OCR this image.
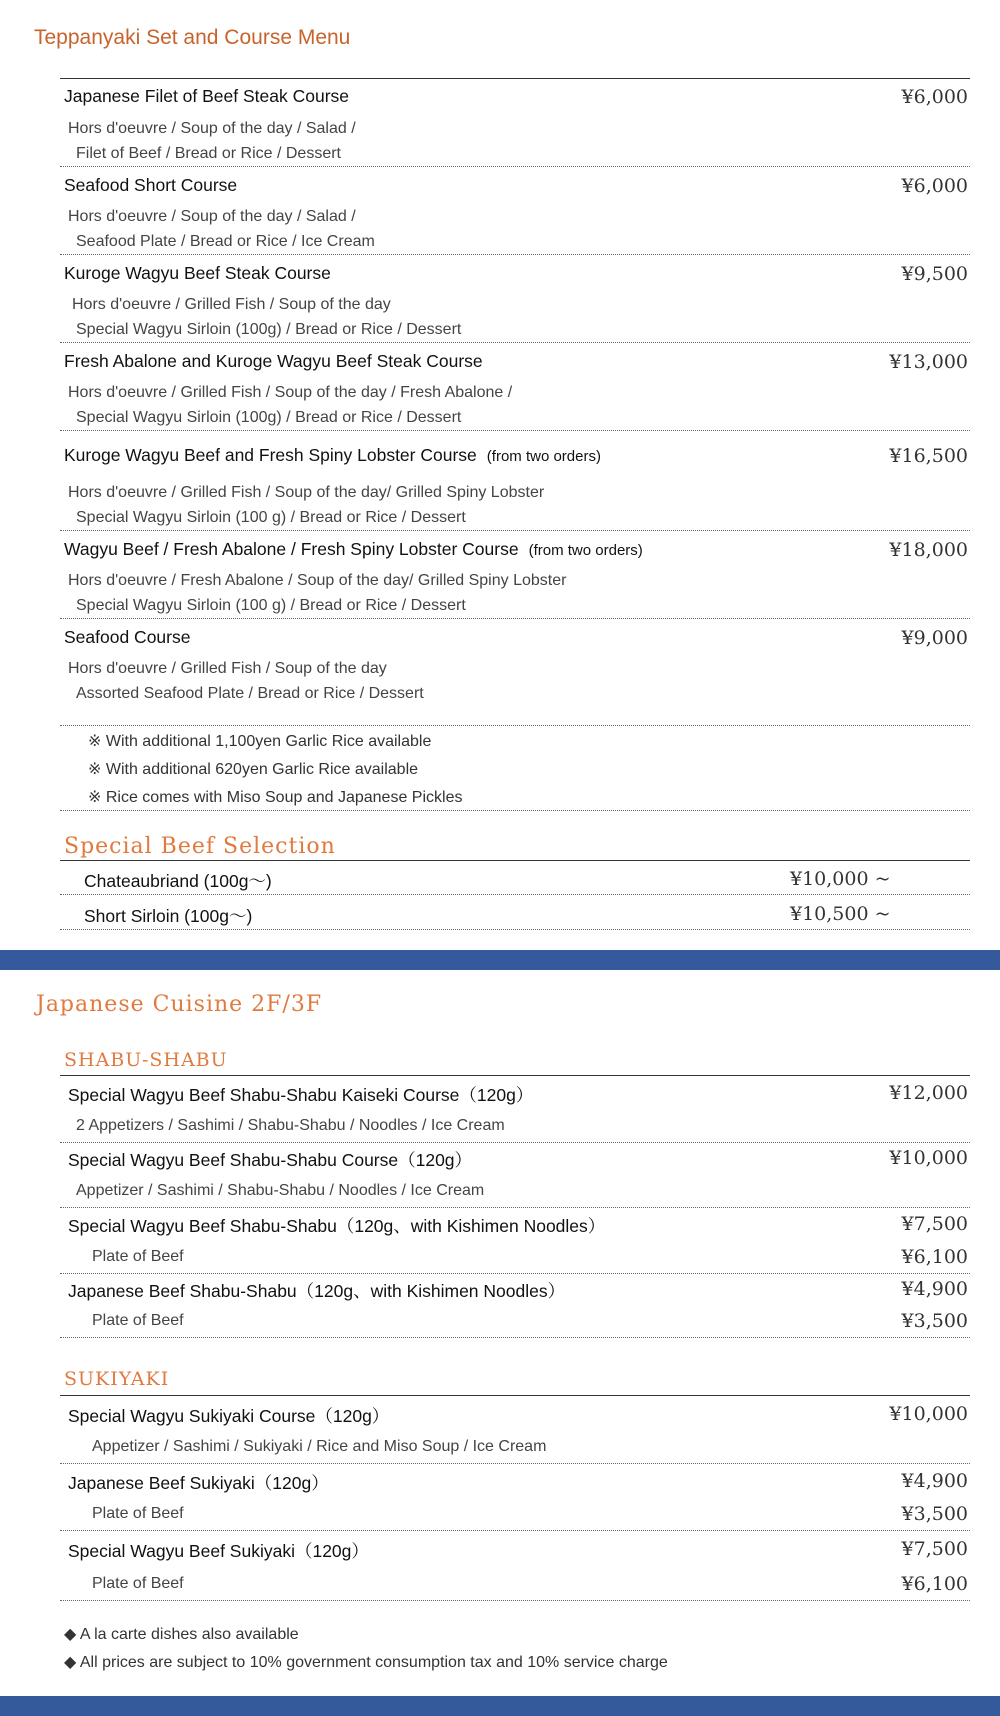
Teppanyaki Set and Course Menu
Japanese Filet of Beef Steak Course	¥6,000
Hors d'oeuvre / Soup of the day / Salad /
Filet of Beef / Bread or Rice / Dessert
Seafood Short Course	¥6,000
Hors d'oeuvre / Soup of the day / Salad /
Seafood Plate / Bread or Rice / Ice Cream
Kuroge Wagyu Beef Steak Course	¥9,500
Hors d'oeuvre / Grilled Fish / Soup of the day
Special Wagyu Sirloin (100g) / Bread or Rice / Dessert
Fresh Abalone and Kuroge Wagyu Beef Steak Course	¥13,000
Hors d'oeuvre / Grilled Fish / Soup of the day / Fresh Abalone /
Special Wagyu Sirloin (100g) / Bread or Rice / Dessert
Kuroge Wagyu Beef and Fresh Spiny Lobster Course (from two orders)	¥16,500
Hors d'oeuvre / Grilled Fish / Soup of the day/ Grilled Spiny Lobster
Special Wagyu Sirloin (100 g) / Bread or Rice / Dessert
Wagyu Beef / Fresh Abalone / Fresh Spiny Lobster Course (from two orders)	¥18,000
Hors d'oeuvre / Fresh Abalone / Soup of the day/ Grilled Spiny Lobster
Special Wagyu Sirloin (100 g) / Bread or Rice / Dessert
Seafood Course	¥9,000
Hors d'oeuvre / Grilled Fish / Soup of the day
Assorted Seafood Plate / Bread or Rice / Dessert
※ With additional 1,100yen Garlic Rice available
※ With additional 620yen Garlic Rice available
※ Rice comes with Miso Soup and Japanese Pickles
Special Beef Selection
Chateaubriand (100g〜)	¥10,000 ~
Short Sirloin (100g〜)	¥10,500 ~
Japanese Cuisine 2F/3F
SHABU-SHABU
Special Wagyu Beef Shabu-Shabu Kaiseki Course（120g）	¥12,000
2 Appetizers / Sashimi / Shabu-Shabu / Noodles / Ice Cream
Special Wagyu Beef Shabu-Shabu Course（120g）	¥10,000
Appetizer / Sashimi / Shabu-Shabu / Noodles / Ice Cream
Special Wagyu Beef Shabu-Shabu（120g、with Kishimen Noodles）	¥7,500
Plate of Beef	¥6,100
Japanese Beef Shabu-Shabu（120g、with Kishimen Noodles）	¥4,900
Plate of Beef	¥3,500
SUKIYAKI
Special Wagyu Sukiyaki Course（120g）	¥10,000
Appetizer / Sashimi / Sukiyaki / Rice and Miso Soup / Ice Cream
Japanese Beef Sukiyaki（120g）	¥4,900
Plate of Beef	¥3,500
Special Wagyu Beef Sukiyaki（120g）	¥7,500
Plate of Beef	¥6,100
◆ A la carte dishes also available
◆ All prices are subject to 10% government consumption tax and 10% service charge
